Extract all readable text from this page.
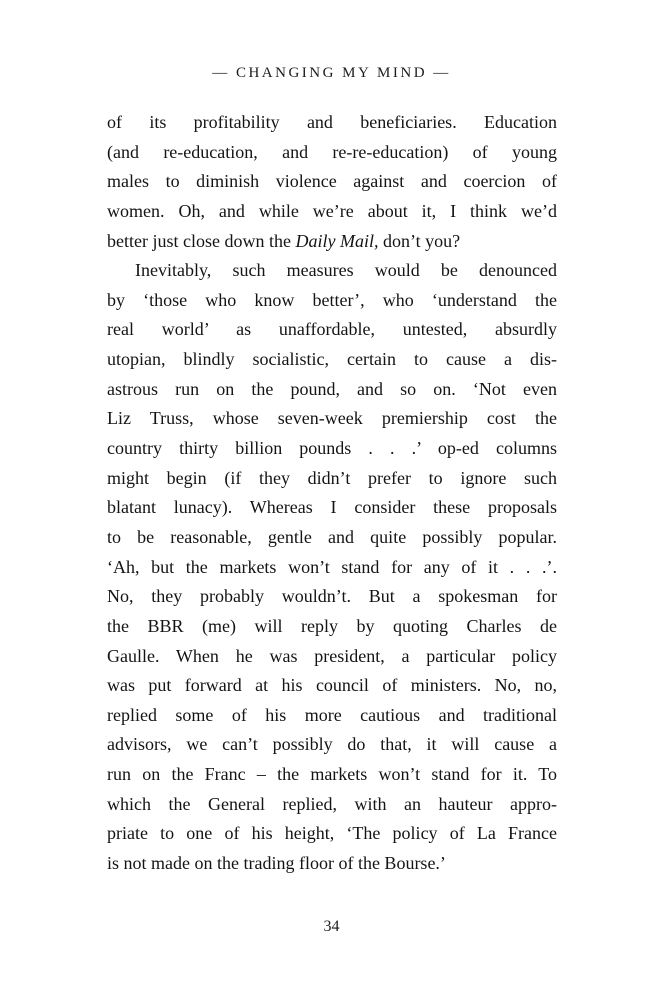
— CHANGING MY MIND —
of its profitability and beneficiaries. Education
(and re-education, and re-re-education) of young
males to diminish violence against and coercion of
women. Oh, and while we’re about it, I think we’d
better just close down the Daily Mail, don’t you?
Inevitably, such measures would be denounced
by ‘those who know better’, who ‘understand the
real world’ as unaffordable, untested, absurdly
utopian, blindly socialistic, certain to cause a dis-
astrous run on the pound, and so on. ‘Not even
Liz Truss, whose seven-week premiership cost the
country thirty billion pounds . . .’ op-ed columns
might begin (if they didn’t prefer to ignore such
blatant lunacy). Whereas I consider these proposals
to be reasonable, gentle and quite possibly popular.
‘Ah, but the markets won’t stand for any of it . . .’.
No, they probably wouldn’t. But a spokesman for
the BBR (me) will reply by quoting Charles de
Gaulle. When he was president, a particular policy
was put forward at his council of ministers. No, no,
replied some of his more cautious and traditional
advisors, we can’t possibly do that, it will cause a
run on the Franc – the markets won’t stand for it. To
which the General replied, with an hauteur appro-
priate to one of his height, ‘The policy of La France
is not made on the trading floor of the Bourse.’
34
